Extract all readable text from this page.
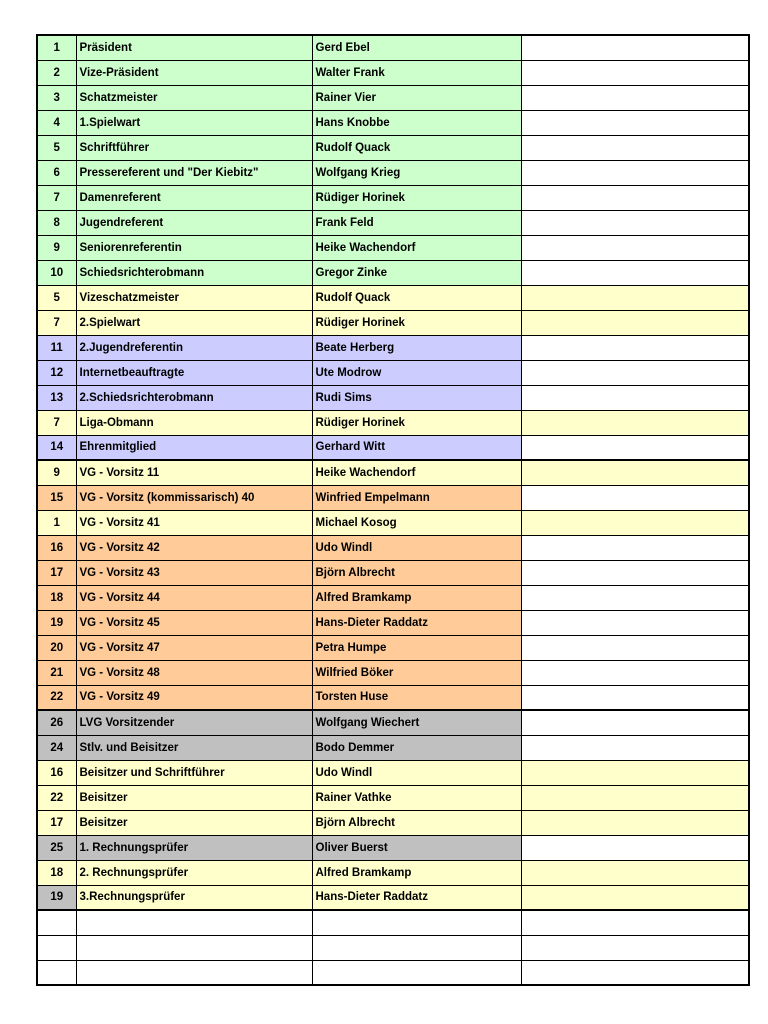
1	Präsident	Gerd Ebel	
2	Vize-Präsident	Walter Frank	
3	Schatzmeister	Rainer Vier	
4	1.Spielwart	Hans Knobbe	
5	Schriftführer	Rudolf Quack	
6	Pressereferent und "Der Kiebitz"	Wolfgang Krieg	
7	Damenreferent	Rüdiger Horinek	
8	Jugendreferent	Frank Feld	
9	Seniorenreferentin	Heike Wachendorf	
10	Schiedsrichterobmann	Gregor Zinke	
5	Vizeschatzmeister	Rudolf Quack	
7	2.Spielwart	Rüdiger Horinek	
11	2.Jugendreferentin	Beate Herberg	
12	Internetbeauftragte	Ute Modrow	
13	2.Schiedsrichterobmann	Rudi Sims	
7	Liga-Obmann	Rüdiger Horinek	
14	Ehrenmitglied	Gerhard Witt	
9	VG - Vorsitz 11	Heike Wachendorf	
15	VG - Vorsitz (kommissarisch) 40	Winfried Empelmann	
1	VG - Vorsitz 41	Michael Kosog	
16	VG - Vorsitz 42	Udo Windl	
17	VG - Vorsitz 43	Björn Albrecht	
18	VG - Vorsitz 44	Alfred Bramkamp	
19	VG - Vorsitz 45	Hans-Dieter Raddatz	
20	VG - Vorsitz 47	Petra Humpe	
21	VG - Vorsitz 48	Wilfried Böker	
22	VG - Vorsitz 49	Torsten Huse	
26	LVG Vorsitzender	Wolfgang Wiechert	
24	Stlv. und Beisitzer	Bodo Demmer	
16	Beisitzer und Schriftführer	Udo Windl	
22	Beisitzer	Rainer Vathke	
17	Beisitzer	Björn Albrecht	
25	1. Rechnungsprüfer	Oliver Buerst	
18	2. Rechnungsprüfer	Alfred Bramkamp	
19	3.Rechnungsprüfer	Hans-Dieter Raddatz	
